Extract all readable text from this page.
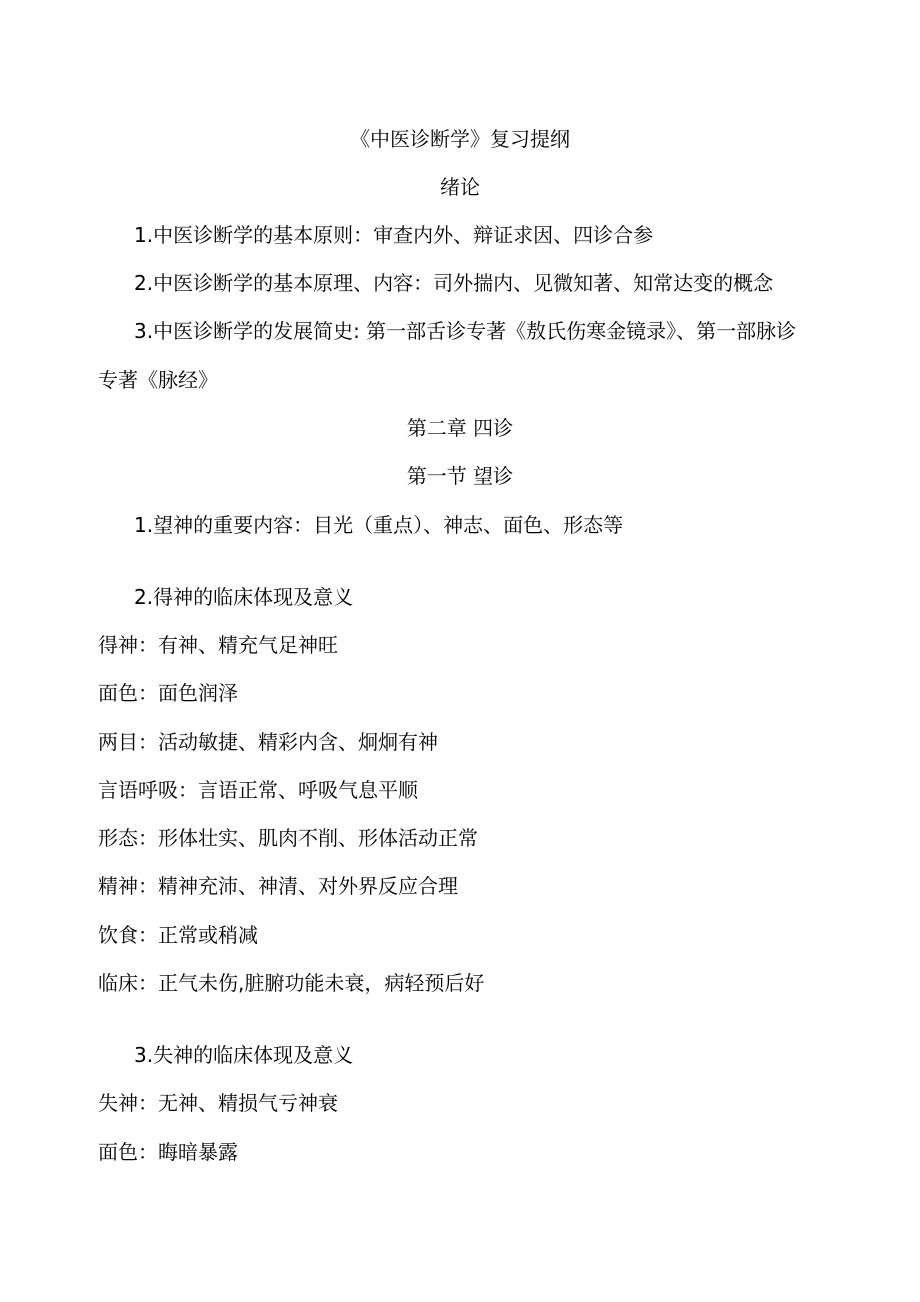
《中医诊断学》复习提纲
绪论
1.中医诊断学的基本原则：审查内外、辩证求因、四诊合参
2.中医诊断学的基本原理、内容：司外揣内、见微知著、知常达变的概念
3.中医诊断学的发展简史: 第一部舌诊专著《敖氏伤寒金镜录》、第一部脉诊
专著《脉经》
第二章 四诊
第一节 望诊
1.望神的重要内容：目光（重点）、神志、面色、形态等
2.得神的临床体现及意义
得神：有神、精充气足神旺
面色：面色润泽
两目：活动敏捷、精彩内含、炯炯有神
言语呼吸：言语正常、呼吸气息平顺
形态：形体壮实、肌肉不削、形体活动正常
精神：精神充沛、神清、对外界反应合理
饮食：正常或稍减
临床：正气未伤,脏腑功能未衰，病轻预后好
3.失神的临床体现及意义
失神：无神、精损气亏神衰
面色：晦暗暴露
